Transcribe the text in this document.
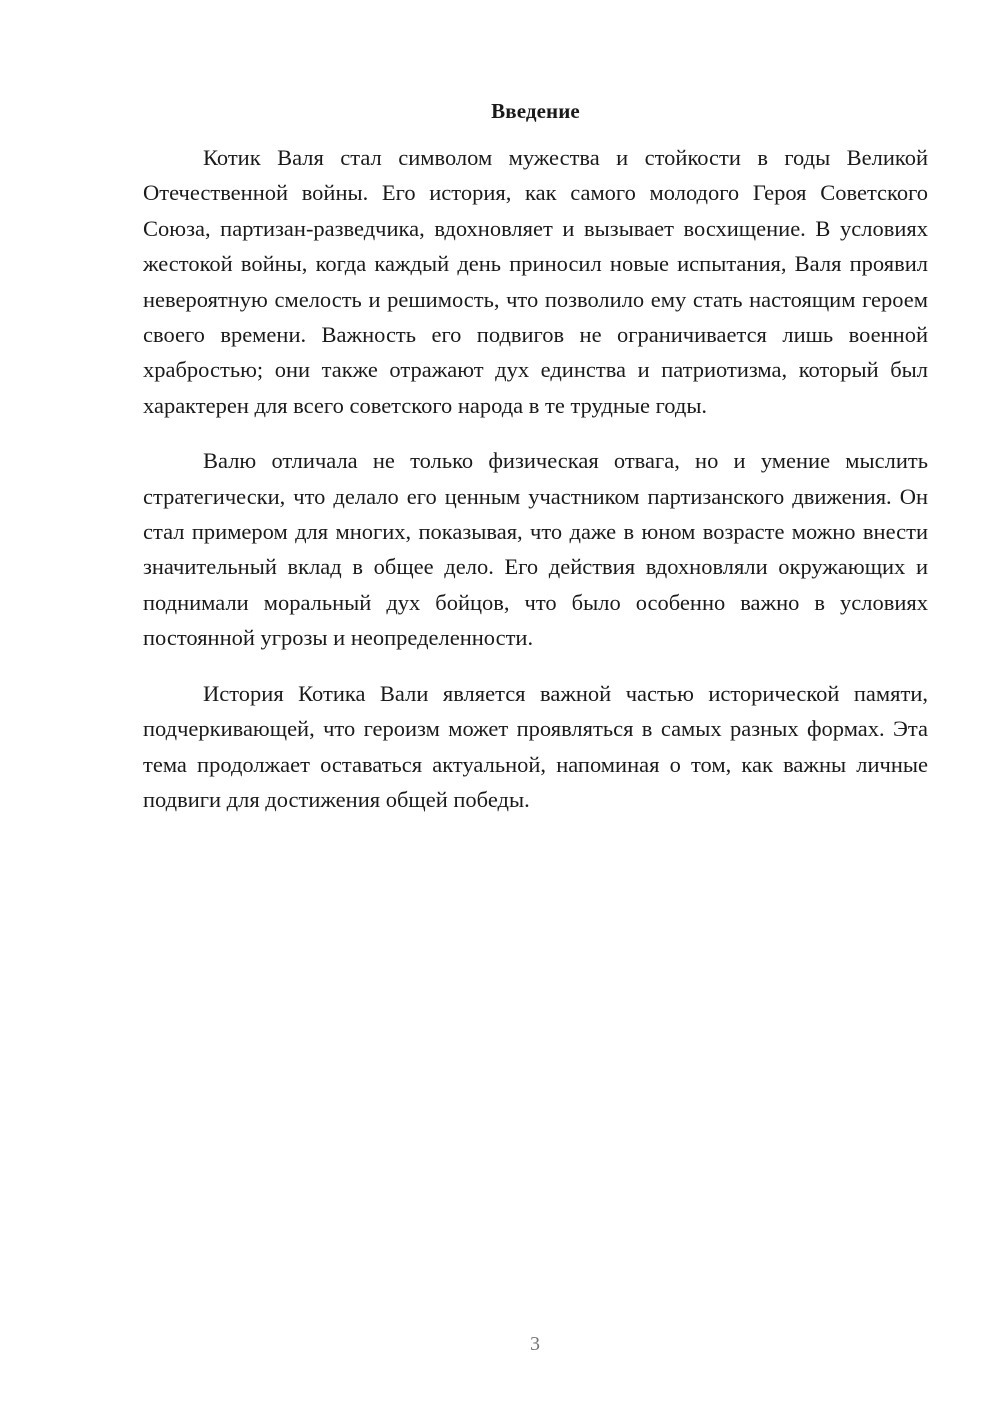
Введение

Котик Валя стал символом мужества и стойкости в годы Великой Отечественной войны. Его история, как самого молодого Героя Советского Союза, партизан-разведчика, вдохновляет и вызывает восхищение. В условиях жестокой войны, когда каждый день приносил новые испытания, Валя проявил невероятную смелость и решимость, что позволило ему стать настоящим героем своего времени. Важность его подвигов не ограничивается лишь военной храбростью; они также отражают дух единства и патриотизма, который был характерен для всего советского народа в те трудные годы.

Валю отличала не только физическая отвага, но и умение мыслить стратегически, что делало его ценным участником партизанского движения. Он стал примером для многих, показывая, что даже в юном возрасте можно внести значительный вклад в общее дело. Его действия вдохновляли окружающих и поднимали моральный дух бойцов, что было особенно важно в условиях постоянной угрозы и неопределенности.

История Котика Вали является важной частью исторической памяти, подчеркивающей, что героизм может проявляться в самых разных формах. Эта тема продолжает оставаться актуальной, напоминая о том, как важны личные подвиги для достижения общей победы.

3
